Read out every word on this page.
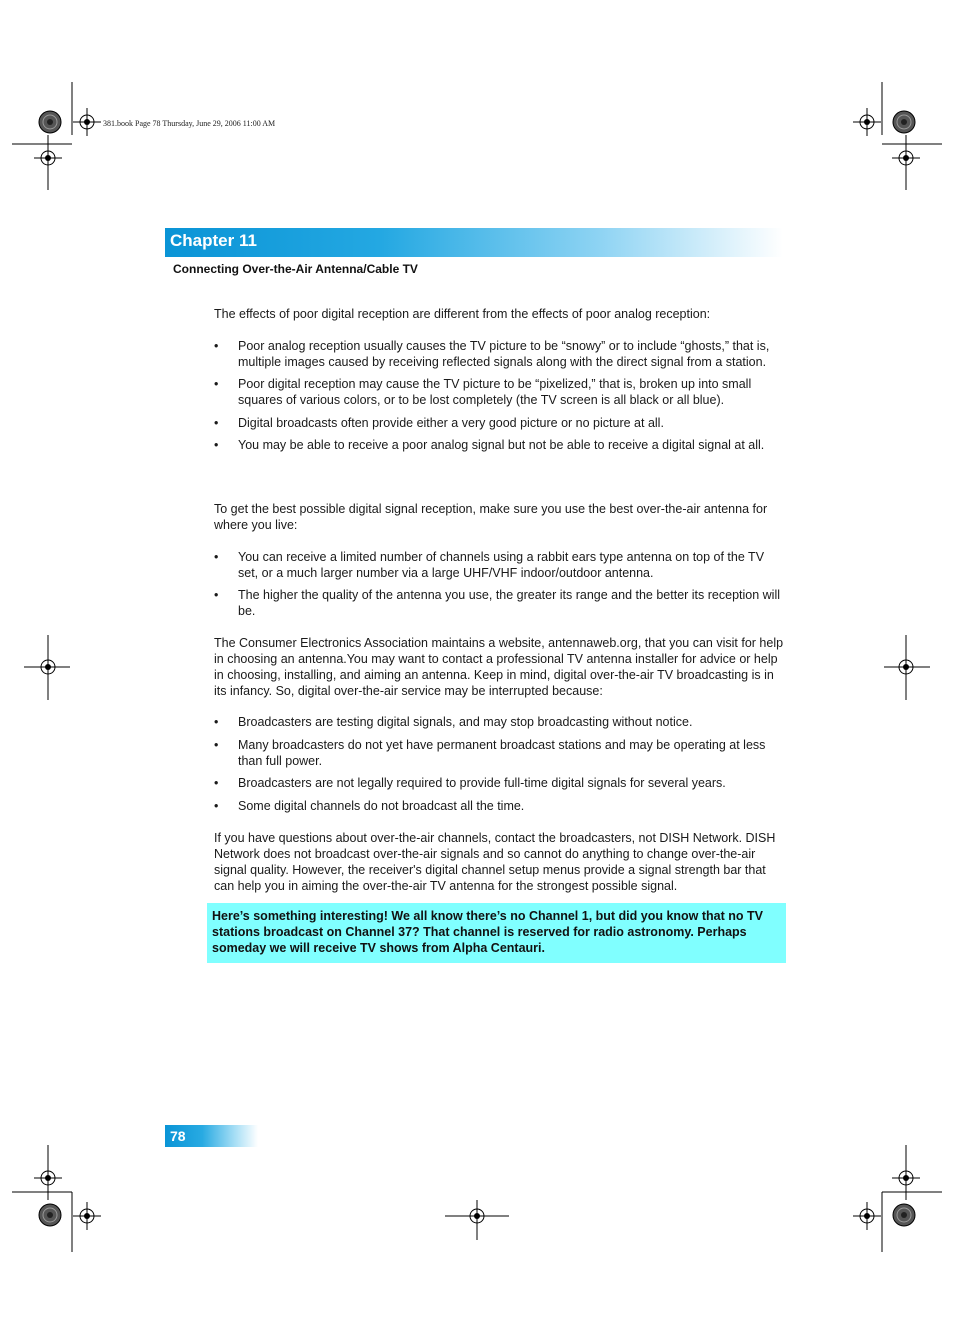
381.book Page 78 Thursday, June 29, 2006 11:00 AM
Chapter 11
Connecting Over-the-Air Antenna/Cable TV

The effects of poor digital reception are different from the effects of poor analog reception:

• Poor analog reception usually causes the TV picture to be “snowy” or to include “ghosts,” that is, multiple images caused by receiving reflected signals along with the direct signal from a station.
• Poor digital reception may cause the TV picture to be “pixelized,” that is, broken up into small squares of various colors, or to be lost completely (the TV screen is all black or all blue).
• Digital broadcasts often provide either a very good picture or no picture at all.
• You may be able to receive a poor analog signal but not be able to receive a digital signal at all.

To get the best possible digital signal reception, make sure you use the best over-the-air antenna for where you live:

• You can receive a limited number of channels using a rabbit ears type antenna on top of the TV set, or a much larger number via a large UHF/VHF indoor/outdoor antenna.
• The higher the quality of the antenna you use, the greater its range and the better its reception will be.

The Consumer Electronics Association maintains a website, antennaweb.org, that you can visit for help in choosing an antenna.You may want to contact a professional TV antenna installer for advice or help in choosing, installing, and aiming an antenna. Keep in mind, digital over-the-air TV broadcasting is in its infancy. So, digital over-the-air service may be interrupted because:

• Broadcasters are testing digital signals, and may stop broadcasting without notice.
• Many broadcasters do not yet have permanent broadcast stations and may be operating at less than full power.
• Broadcasters are not legally required to provide full-time digital signals for several years.
• Some digital channels do not broadcast all the time.

If you have questions about over-the-air channels, contact the broadcasters, not DISH Network. DISH Network does not broadcast over-the-air signals and so cannot do anything to change over-the-air signal quality. However, the receiver's digital channel setup menus provide a signal strength bar that can help you in aiming the over-the-air TV antenna for the strongest possible signal.

Here’s something interesting! We all know there’s no Channel 1, but did you know that no TV stations broadcast on Channel 37? That channel is reserved for radio astronomy. Perhaps someday we will receive TV shows from Alpha Centauri.

78
